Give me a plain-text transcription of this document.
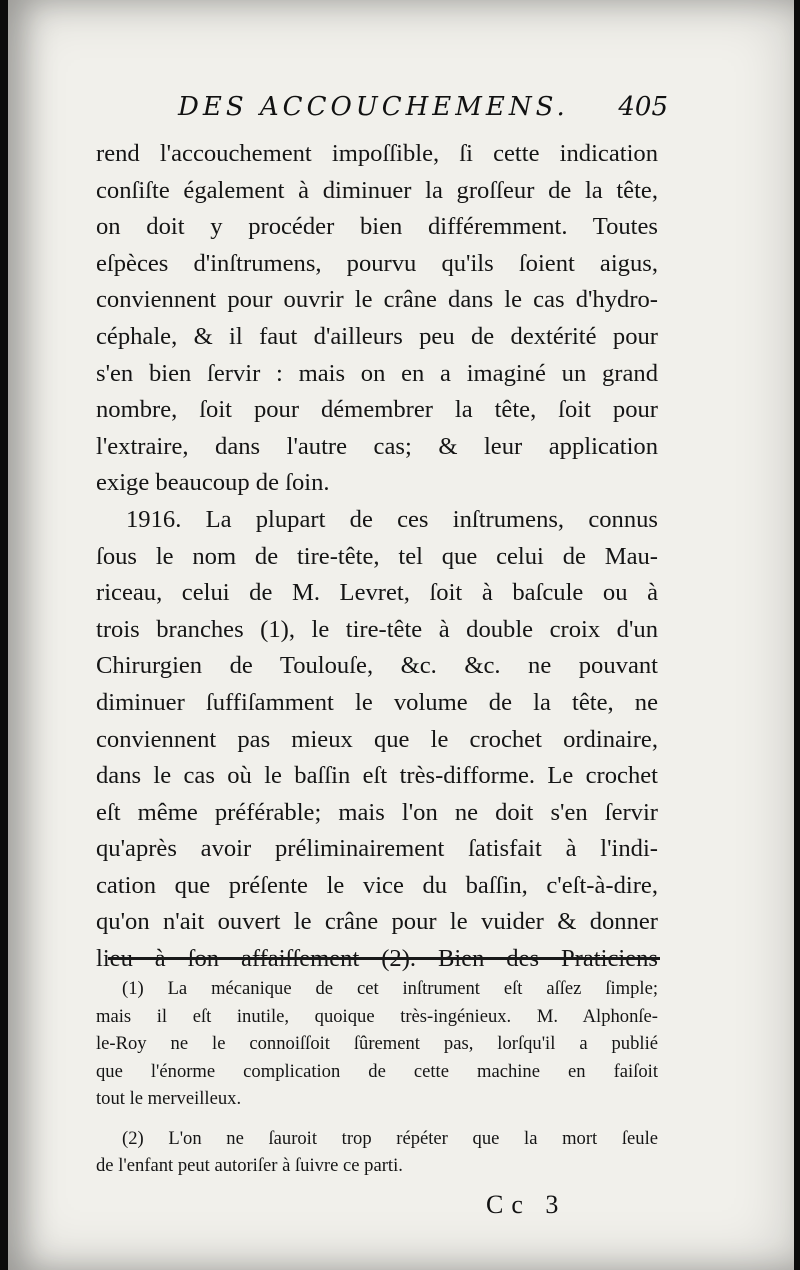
DES ACCOUCHEMENS. 405
rend l'accouchement impoſſible, ſi cette indication
conſiſte également à diminuer la groſſeur de la tête,
on doit y procéder bien différemment. Toutes
eſpèces d'inſtrumens, pourvu qu'ils ſoient aigus,
conviennent pour ouvrir le crâne dans le cas d'hydro-
céphale, & il faut d'ailleurs peu de dextérité pour
s'en bien ſervir : mais on en a imaginé un grand
nombre, ſoit pour démembrer la tête, ſoit pour
l'extraire, dans l'autre cas; & leur application
exige beaucoup de ſoin.
1916. La plupart de ces inſtrumens, connus
ſous le nom de tire-tête, tel que celui de Mau-
riceau, celui de M. Levret, ſoit à baſcule ou à
trois branches (1), le tire-tête à double croix d'un
Chirurgien de Toulouſe, &c. &c. ne pouvant
diminuer ſuffiſamment le volume de la tête, ne
conviennent pas mieux que le crochet ordinaire,
dans le cas où le baſſin eſt très-difforme. Le crochet
eſt même préférable; mais l'on ne doit s'en ſervir
qu'après avoir préliminairement ſatisfait à l'indi-
cation que préſente le vice du baſſin, c'eſt-à-dire,
qu'on n'ait ouvert le crâne pour le vuider & donner
lieu à ſon affaiſſement (2). Bien des Praticiens
(1) La mécanique de cet inſtrument eſt aſſez ſimple;
mais il eſt inutile, quoique très-ingénieux. M. Alphonſe-
le-Roy ne le connoiſſoit ſûrement pas, lorſqu'il a publié
que l'énorme complication de cette machine en faiſoit
tout le merveilleux.
(2) L'on ne ſauroit trop répéter que la mort ſeule
de l'enfant peut autoriſer à ſuivre ce parti.
Cc 3
